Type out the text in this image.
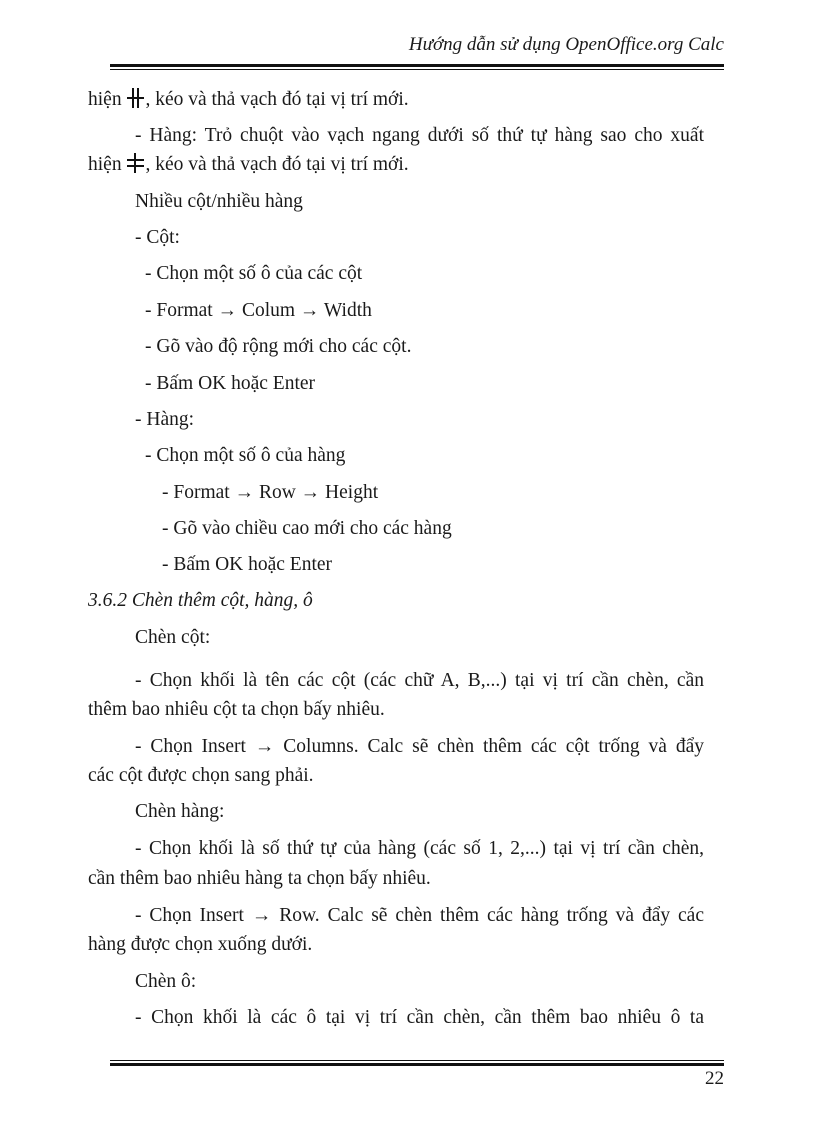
Hướng dẫn sử dụng OpenOffice.org Calc
hiện
, kéo và thả vạch đó tại vị trí mới.
- Hàng: Trỏ chuột vào vạch ngang dưới số thứ tự hàng sao cho xuất
hiện
, kéo và thả vạch đó tại vị trí mới.
Nhiều cột/nhiều hàng
- Cột:
- Chọn một số ô của các cột
- Format → Colum → Width
- Gõ vào độ rộng mới cho các cột.
- Bấm OK hoặc Enter
- Hàng:
- Chọn một số ô của hàng
- Format → Row → Height
- Gõ vào chiều cao mới cho các hàng
- Bấm OK hoặc Enter
3.6.2 Chèn thêm cột, hàng, ô
Chèn cột:
- Chọn khối là tên các cột (các chữ A, B,...) tại vị trí cần chèn, cần
thêm bao nhiêu cột ta chọn bấy nhiêu.
- Chọn Insert → Columns. Calc sẽ chèn thêm các cột trống và đẩy
các cột được chọn sang phải.
Chèn hàng:
- Chọn khối là số thứ tự của hàng (các số 1, 2,...) tại vị trí cần chèn,
cần thêm bao nhiêu hàng ta chọn bấy nhiêu.
- Chọn Insert → Row. Calc sẽ chèn thêm các hàng trống và đẩy các
hàng được chọn xuống dưới.
Chèn ô:
- Chọn khối là các ô tại vị trí cần chèn, cần thêm bao nhiêu ô ta
22
